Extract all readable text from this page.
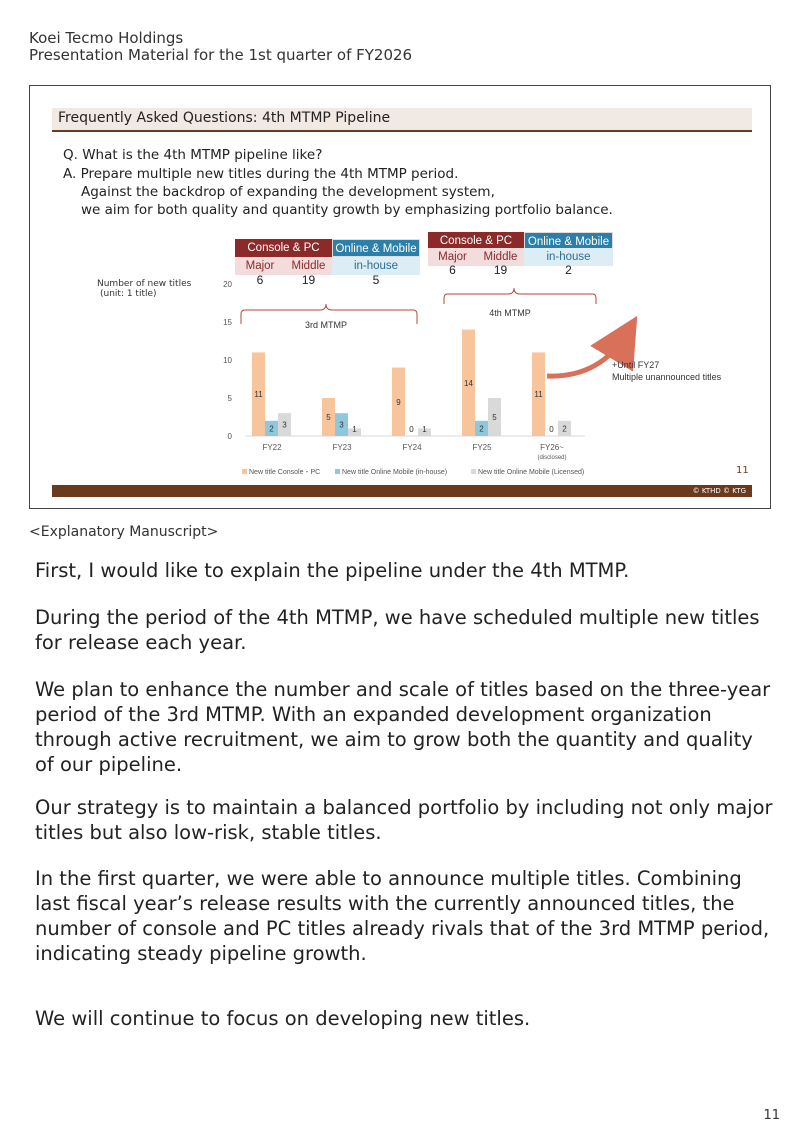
Koei Tecmo Holdings
Presentation Material for the 1st quarter of FY2026
Frequently Asked Questions: 4th MTMP Pipeline
Q. What is the 4th MTMP pipeline like?
A. Prepare multiple new titles during the 4th MTMP period.
Against the backdrop of expanding the development system,
we aim for both quality and quantity growth by emphasizing portfolio balance.
Console & PC	Online & Mobile
Major	Middle	in-house
6	19	5
Console & PC	Online & Mobile
Major	Middle	in-house
6	19	2
Number of new titles
(unit: 1 title)
0
5
10
15
20
11
2 3
5
3 1
9
0 1
14
2
5
11
0 2
FY22	FY23	FY24	FY25	FY26~
(disclosed)
3rd MTMP
4th MTMP
+Until FY27
Multiple unannounced titles
New title Console・PC	New title Online Mobile (in-house)	New title Online Mobile (Licensed)	11
© KTHD © KTG
<Explanatory Manuscript>

First, I would like to explain the pipeline under the 4th MTMP.

During the period of the 4th MTMP, we have scheduled multiple new titles for release each year.

We plan to enhance the number and scale of titles based on the three-year period of the 3rd MTMP. With an expanded development organization through active recruitment, we aim to grow both the quantity and quality of our pipeline.

Our strategy is to maintain a balanced portfolio by including not only major titles but also low-risk, stable titles.

In the first quarter, we were able to announce multiple titles. Combining last fiscal year’s release results with the currently announced titles, the number of console and PC titles already rivals that of the 3rd MTMP period, indicating steady pipeline growth.

We will continue to focus on developing new titles.

11
